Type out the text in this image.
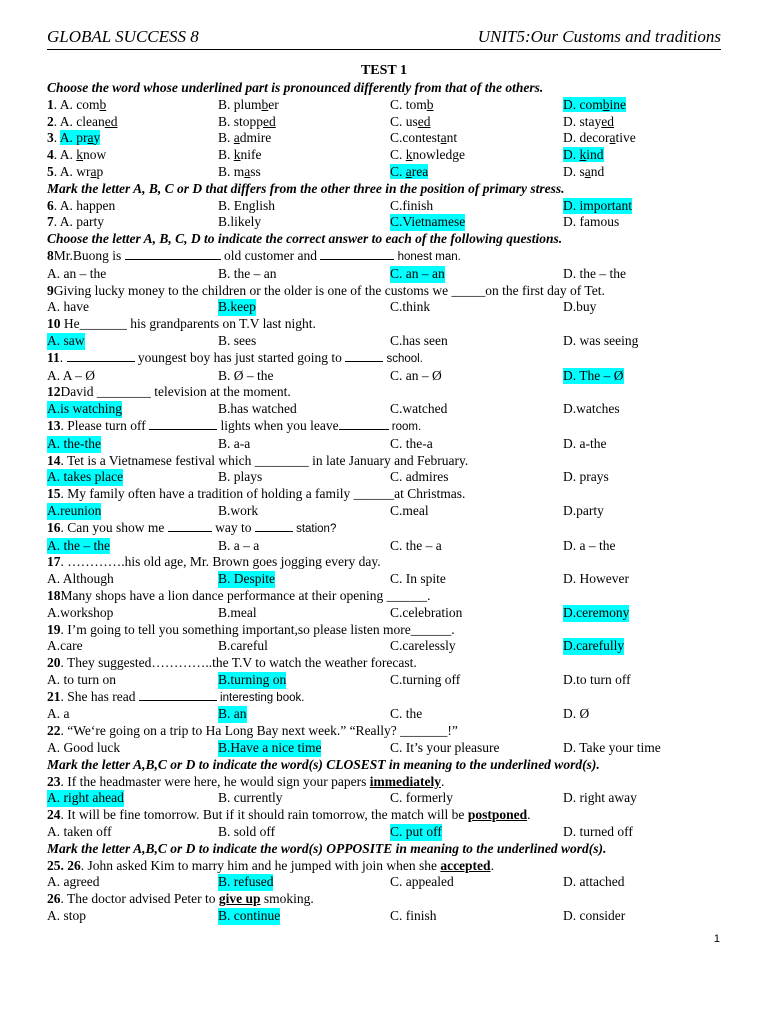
GLOBAL SUCCESS 8	UNIT5:Our Customs and traditions
TEST 1
Choose the word whose underlined part is pronounced differently from that of the others.
1. A. comb	B. plumber	C. tomb	D. combine
2. A. cleaned	B. stopped	C. used	D. stayed
3. A. pray	B. admire	C.contestant	D. decorative
4. A. know	B. knife	C. knowledge	D. kind
5. A. wrap	B. mass	C. area	D. sand
Mark the letter A, B, C or D that differs from the other three in the position of primary stress.
6. A. happen	B. English	C.finish	D. important
7. A. party	B.likely	C.Vietnamese	D. famous
Choose the letter A, B, C, D to indicate the correct answer to each of the following questions.
8Mr.Buong is	old customer and	honest man.
A. an – the	B. the – an	C. an – an	D. the – the
9Giving lucky money to the children or the older is one of the customs we _____on the first day of Tet.
A. have	B.keep	C.think	D.buy
10 He_______ his grandparents on T.V last night.
A. saw	B. sees	C.has seen	D. was seeing
11.	youngest boy has just started going to	school.
A. A – Ø	B. Ø – the	C. an – Ø	D. The – Ø
12David ________ television at the moment.
A.is watching	B.has watched	C.watched	D.watches
13. Please turn off	lights when you leave	room.
A. the-the	B. a-a	C. the-a	D. a-the
14. Tet is a Vietnamese festival which ________ in late January and February.
A. takes place	B. plays	C. admires	D. prays
15. My family often have a tradition of holding a family ______at Christmas.
A.reunion	B.work	C.meal	D.party
16. Can you show me	way to	station?
A. the – the	B. a – a	C. the – a	D. a – the
17. ………….his old age, Mr. Brown goes jogging every day.
A. Although	B. Despite	C. In spite	D. However
18Many shops have a lion dance performance at their opening ______.
A.workshop	B.meal	C.celebration	D.ceremony
19. I’m going to tell you something important,so please listen more______.
A.care	B.careful	C.carelessly	D.carefully
20. They suggested…………..the T.V to watch the weather forecast.
A. to turn on	B.turning on	C.turning off	D.to turn off
21. She has read	interesting book.
A. a	B. an	C. the	D. Ø
22. “We‘re going on a trip to Ha Long Bay next week.” “Really? _______!”
A. Good luck	B.Have a nice time	C. It’s your pleasure	D. Take your time
Mark the letter A,B,C or D to indicate the word(s) CLOSEST in meaning to the underlined word(s).
23. If the headmaster were here, he would sign your papers immediately.
A. right ahead	B. currently	C. formerly	D. right away
24. It will be fine tomorrow. But if it should rain tomorrow, the match will be postponed.
A. taken off	B. sold off	C. put off	D. turned off
Mark the letter A,B,C or D to indicate the word(s) OPPOSITE in meaning to the underlined word(s).
25. 26. John asked Kim to marry him and he jumped with join when she accepted.
A. agreed	B. refused	C. appealed	D. attached
26. The doctor advised Peter to give up smoking.
A. stop	B. continue	C. finish	D. consider
1
